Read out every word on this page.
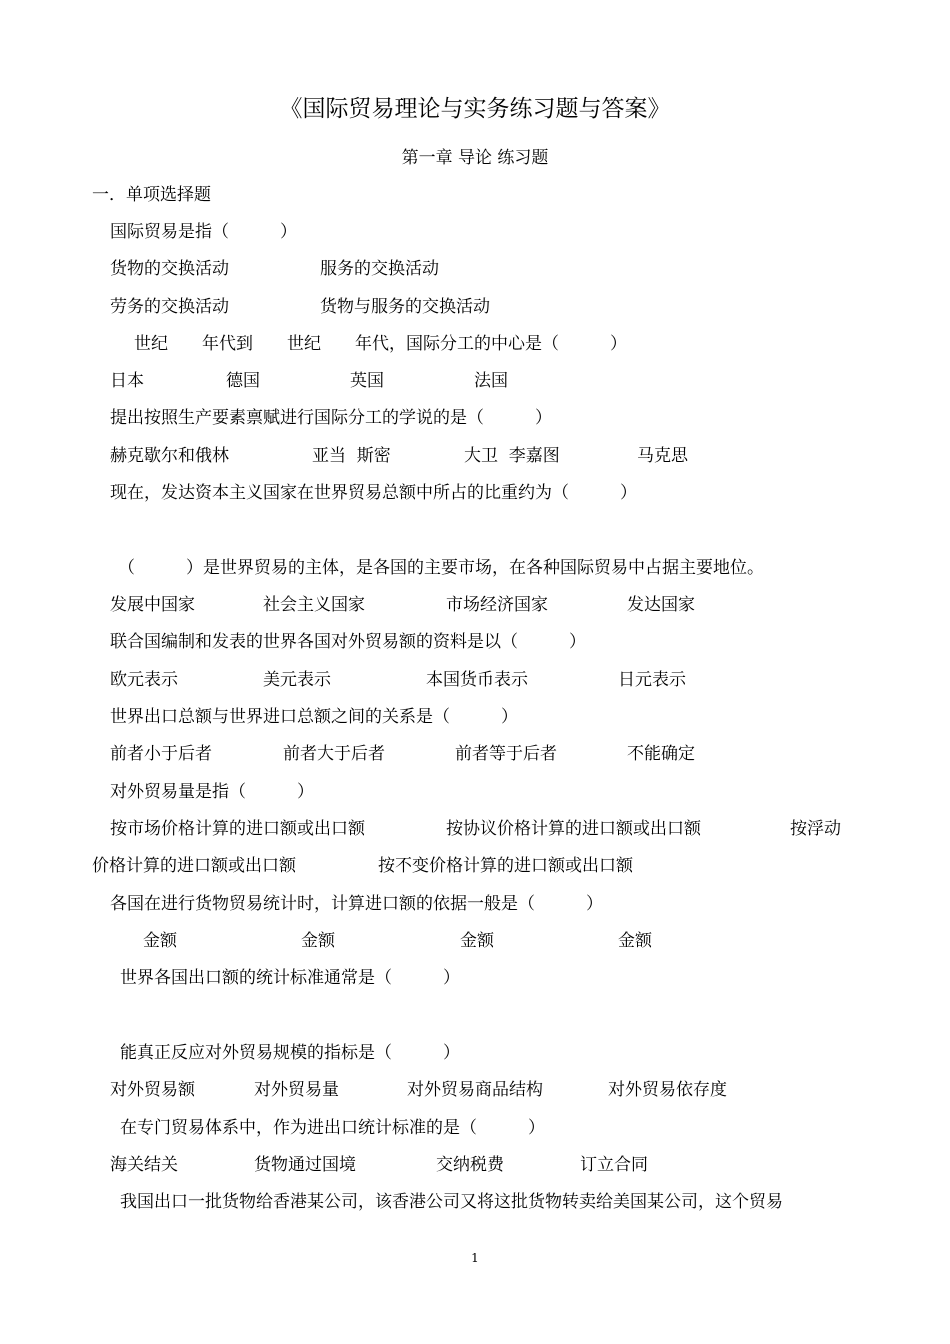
《国际贸易理论与实务练习题与答案》
第一章 导论 练习题
一．单项选择题
国际贸易是指（　　　）
货物的交换活动	服务的交换活动
劳务的交换活动	货物与服务的交换活动
世纪　　年代到　　世纪　　年代，国际分工的中心是（　　　）
日本	德国	英国	法国
提出按照生产要素禀赋进行国际分工的学说的是（　　　）
赫克歇尔和俄林	亚当  斯密	大卫  李嘉图	马克思
现在，发达资本主义国家在世界贸易总额中所占的比重约为（　　　）
（　　　）是世界贸易的主体，是各国的主要市场，在各种国际贸易中占据主要地位。
发展中国家	社会主义国家	市场经济国家	发达国家
联合国编制和发表的世界各国对外贸易额的资料是以（　　　）
欧元表示	美元表示	本国货币表示	日元表示
世界出口总额与世界进口总额之间的关系是（　　　）
前者小于后者	前者大于后者	前者等于后者	不能确定
对外贸易量是指（　　　）
按市场价格计算的进口额或出口额	按协议价格计算的进口额或出口额	按浮动
价格计算的进口额或出口额	按不变价格计算的进口额或出口额
各国在进行货物贸易统计时，计算进口额的依据一般是（　　　）
金额	金额	金额	金额
世界各国出口额的统计标准通常是（　　　）
能真正反应对外贸易规模的指标是（　　　）
对外贸易额	对外贸易量	对外贸易商品结构	对外贸易依存度
在专门贸易体系中，作为进出口统计标准的是（　　　）
海关结关	货物通过国境	交纳税费	订立合同
我国出口一批货物给香港某公司，该香港公司又将这批货物转卖给美国某公司，这个贸易
1
